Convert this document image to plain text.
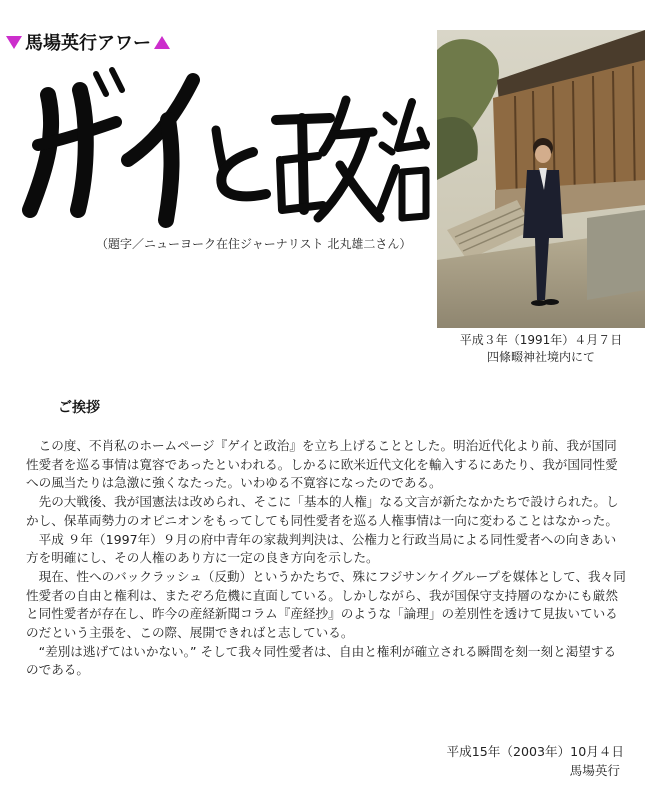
馬場英行アワー
（題字／ニューヨーク在住ジャーナリスト 北丸雄二さん）
平成３年（1991年）４月７日
四條畷神社境内にて
ご挨拶

この度、不肖私のホームページ『ゲイと政治』を立ち上げることとした。明治近代化より前、我が国同性愛者を巡る事情は寛容であったといわれる。しかるに欧米近代文化を輸入するにあたり、我が国同性愛への風当たりは急激に強くなたった。いわゆる不寛容になったのである。

先の大戦後、我が国憲法は改められ、そこに「基本的人権」なる文言が新たなかたちで設けられた。しかし、保革両勢力のオピニオンをもってしても同性愛者を巡る人権事情は一向に変わることはなかった。

平成 ９年（1997年）９月の府中青年の家裁判判決は、公権力と行政当局による同性愛者への向きあい方を明確にし、その人権のあり方に一定の良き方向を示した。

現在、性へのバックラッシュ（反動）というかたちで、殊にフジサンケイグループを媒体として、我々同性愛者の自由と権利は、またぞろ危機に直面している。しかしながら、我が国保守支持層のなかにも厳然と同性愛者が存在し、昨今の産経新聞コラム『産経抄』のような「論理」の差別性を透けて見抜いているのだという主張を、この際、展開できればと志している。

“差別は逃げてはいかない。” そして我々同性愛者は、自由と権利が確立される瞬間を刻一刻と渇望するのである。

平成15年（2003年）10月４日
馬場英行
